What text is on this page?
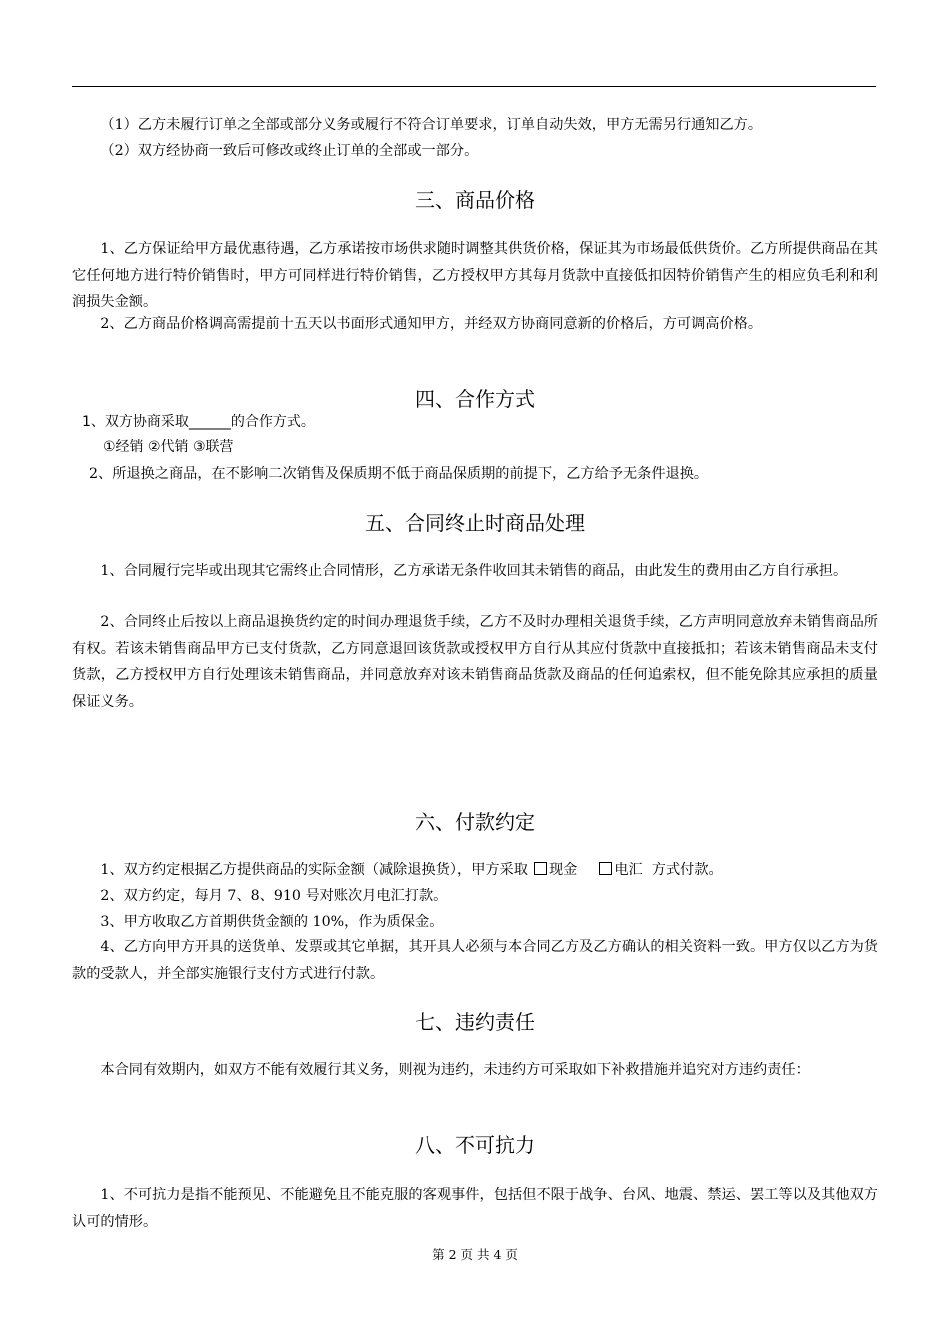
（1）乙方未履行订单之全部或部分义务或履行不符合订单要求，订单自动失效，甲方无需另行通知乙方。

（2）双方经协商一致后可修改或终止订单的全部或一部分。

三、商品价格

1、乙方保证给甲方最优惠待遇，乙方承诺按市场供求随时调整其供货价格，保证其为市场最低供货价。乙方所提供商品在其它任何地方进行特价销售时，甲方可同样进行特价销售，乙方授权甲方其每月货款中直接低扣因特价销售产生的相应负毛利和利润损失金额。

2、乙方商品价格调高需提前十五天以书面形式通知甲方，并经双方协商同意新的价格后，方可调高价格。

四、合作方式

1、双方协商采取______的合作方式。

①经销 ②代销 ③联营

2、所退换之商品，在不影响二次销售及保质期不低于商品保质期的前提下，乙方给予无条件退换。

五、合同终止时商品处理

1、合同履行完毕或出现其它需终止合同情形，乙方承诺无条件收回其未销售的商品，由此发生的费用由乙方自行承担。

2、合同终止后按以上商品退换货约定的时间办理退货手续，乙方不及时办理相关退货手续，乙方声明同意放弃未销售商品所有权。若该未销售商品甲方已支付货款，乙方同意退回该货款或授权甲方自行从其应付货款中直接抵扣；若该未销售商品未支付货款，乙方授权甲方自行处理该未销售商品，并同意放弃对该未销售商品货款及商品的任何追索权，但不能免除其应承担的质量保证义务。

六、付款约定

1、双方约定根据乙方提供商品的实际金额（减除退换货），甲方采取 现金	电汇 方式付款。

2、双方约定，每月 7、8、910 号对账次月电汇打款。

3、甲方收取乙方首期供货金额的 10%，作为质保金。

4、乙方向甲方开具的送货单、发票或其它单据，其开具人必须与本合同乙方及乙方确认的相关资料一致。甲方仅以乙方为货款的受款人，并全部实施银行支付方式进行付款。

七、违约责任

本合同有效期内，如双方不能有效履行其义务，则视为违约，未违约方可采取如下补救措施并追究对方违约责任：

八、不可抗力

1、不可抗力是指不能预见、不能避免且不能克服的客观事件，包括但不限于战争、台风、地震、禁运、罢工等以及其他双方认可的情形。

第 2 页 共 4 页
